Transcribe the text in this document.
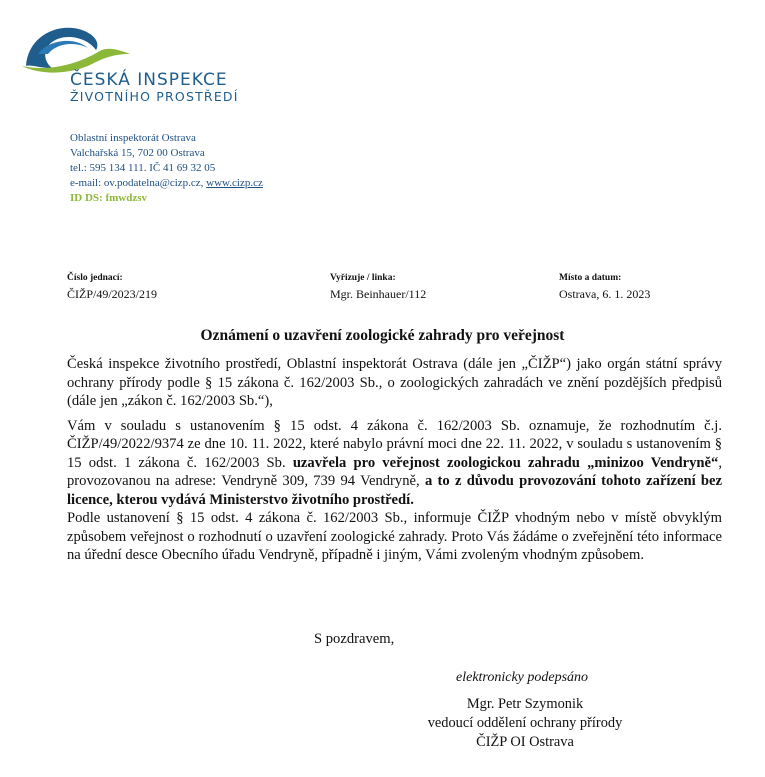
ČESKÁ INSPEKCE
ŽIVOTNÍHO PROSTŘEDÍ
Oblastní inspektorát Ostrava
Valchařská 15, 702 00 Ostrava
tel.: 595 134 111. IČ 41 69 32 05
e-mail: ov.podatelna@cizp.cz, www.cizp.cz
ID DS: fmwdzsv
Číslo jednací:
ČIŽP/49/2023/219
Vyřizuje / linka:
Mgr. Beinhauer/112
Místo a datum:
Ostrava, 6. 1. 2023
Oznámení o uzavření zoologické zahrady pro veřejnost

Česká inspekce životního prostředí, Oblastní inspektorát Ostrava (dále jen „ČIŽP“) jako orgán státní správy ochrany přírody podle § 15 zákona č. 162/2003 Sb., o zoologických zahradách ve znění pozdějších předpisů (dále jen „zákon č. 162/2003 Sb.“),

Vám v souladu s ustanovením § 15 odst. 4 zákona č. 162/2003 Sb. oznamuje, že rozhodnutím č.j. ČIŽP/49/2022/9374 ze dne 10. 11. 2022, které nabylo právní moci dne 22. 11. 2022, v souladu s ustanovením § 15 odst. 1 zákona č. 162/2003 Sb. uzavřela pro veřejnost zoologickou zahradu „minizoo Vendryně“, provozovanou na adrese: Vendryně 309, 739 94 Vendryně, a to z důvodu provozování tohoto zařízení bez licence, kterou vydává Ministerstvo životního prostředí.

Podle ustanovení § 15 odst. 4 zákona č. 162/2003 Sb., informuje ČIŽP vhodným nebo v místě obvyklým způsobem veřejnost o rozhodnutí o uzavření zoologické zahrady. Proto Vás žádáme o zveřejnění této informace na úřední desce Obecního úřadu Vendryně, případně i jiným, Vámi zvoleným vhodným způsobem.

S pozdravem,
elektronicky podepsáno
Mgr. Petr Szymonik
vedoucí oddělení ochrany přírody
ČIŽP OI Ostrava
